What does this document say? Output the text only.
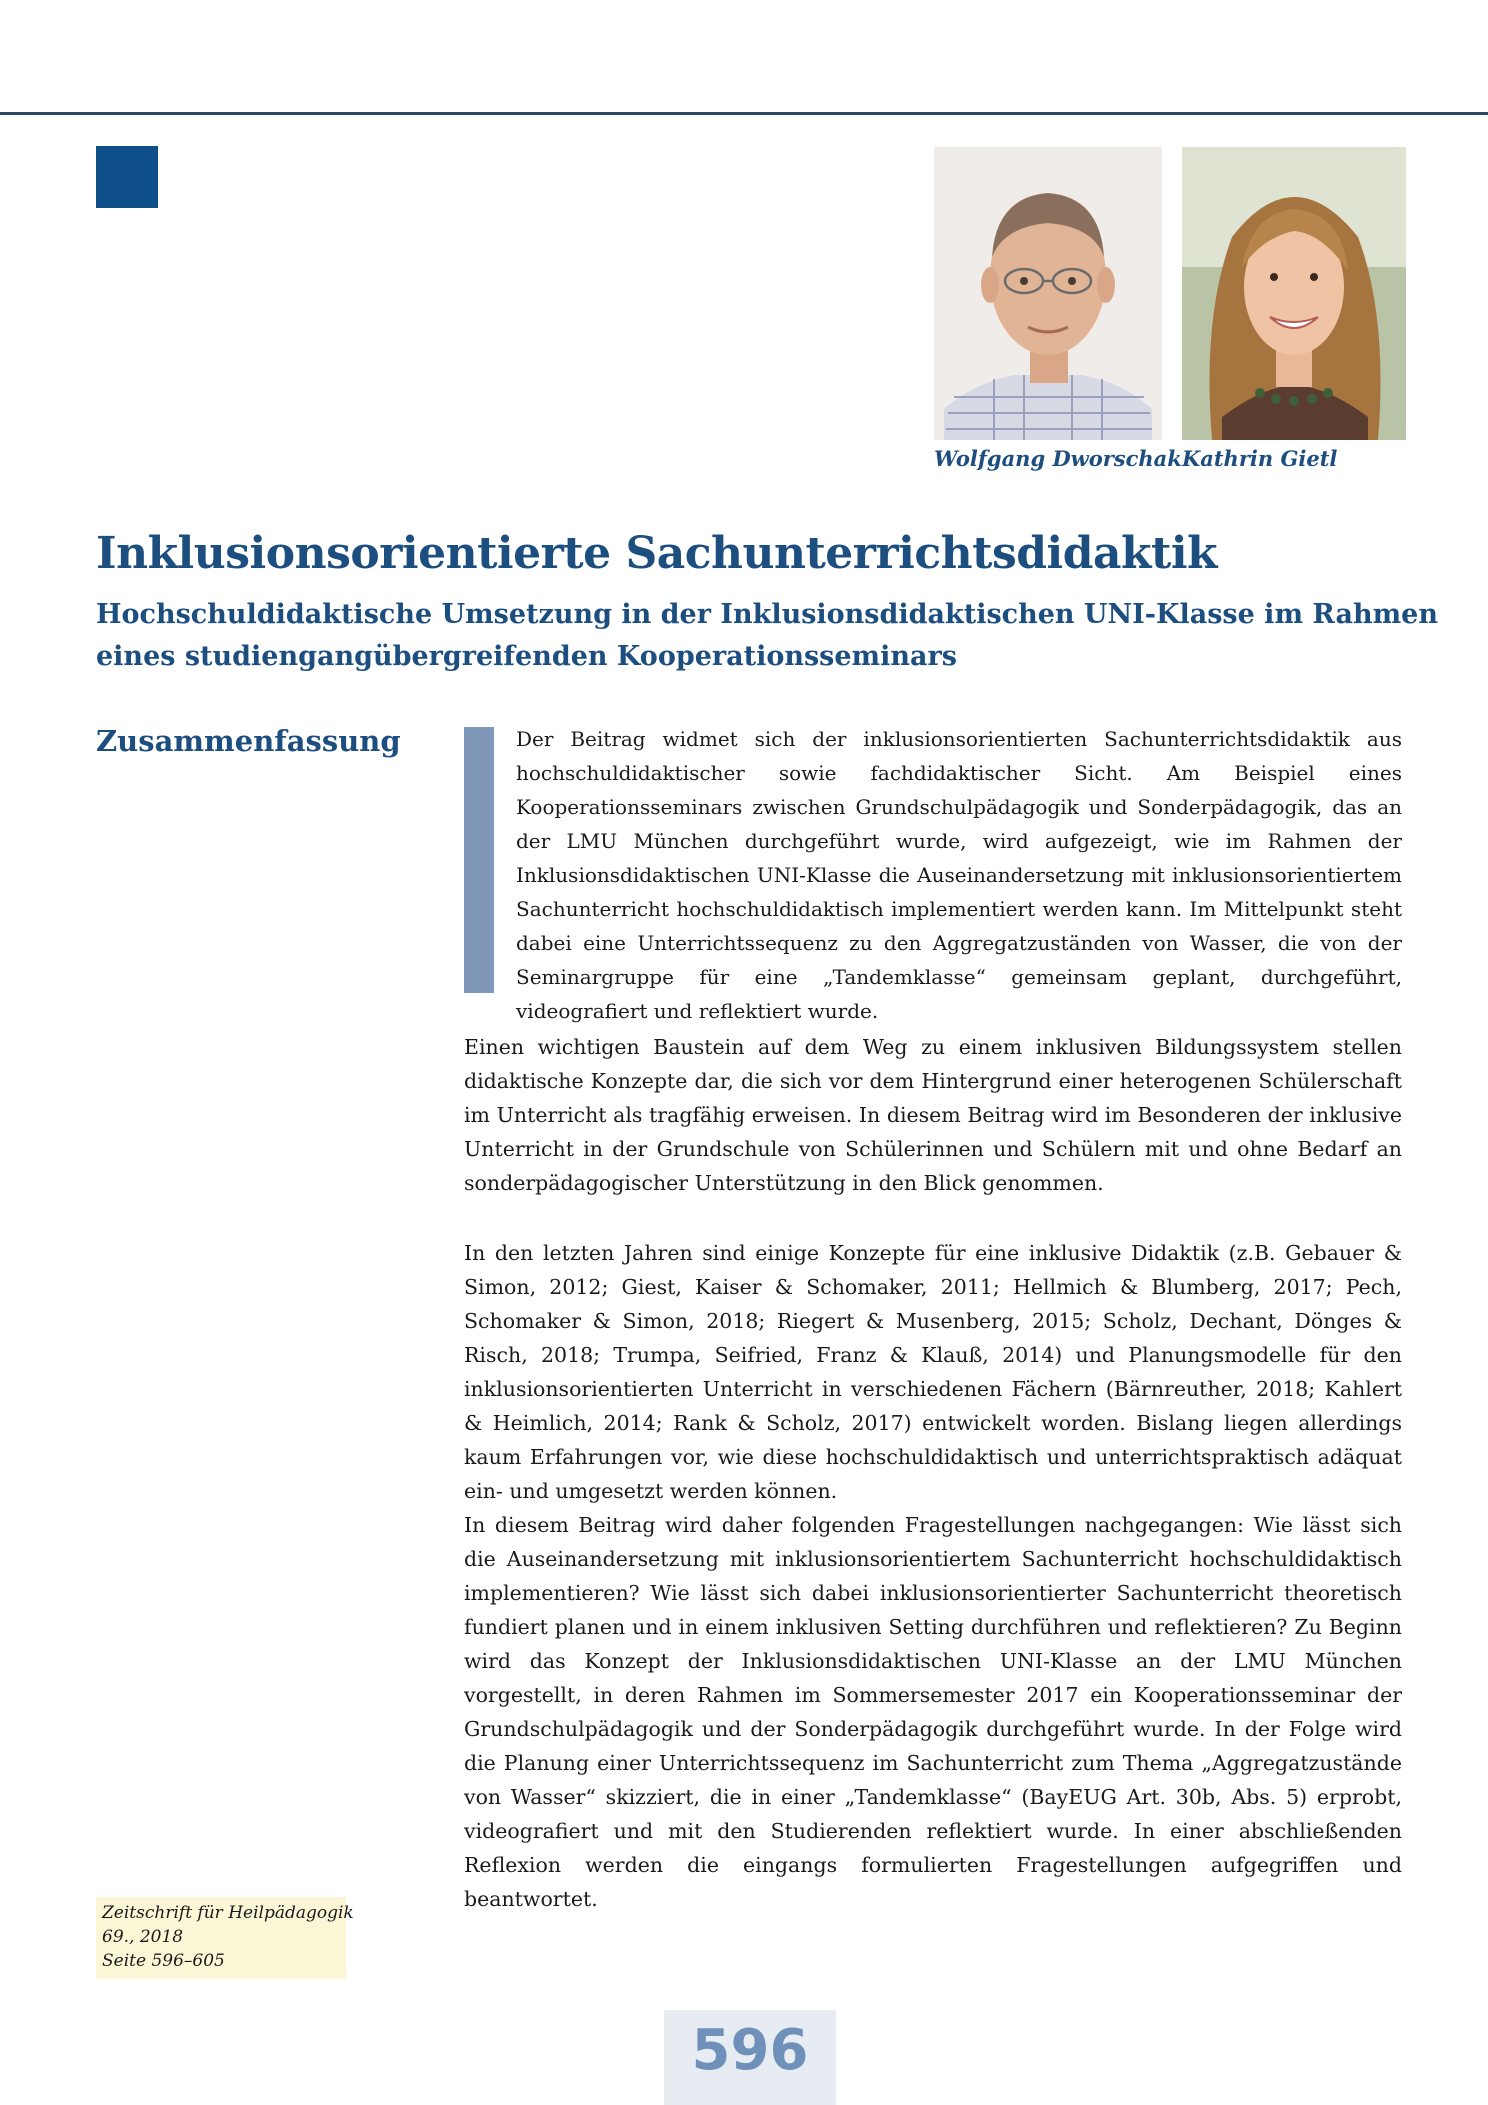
Wolfgang Dworschak Kathrin Gietl
Inklusionsorientierte Sachunterrichtsdidaktik
Hochschuldidaktische Umsetzung in der Inklusionsdidaktischen UNI-Klasse im Rahmen
eines studiengangübergreifenden Kooperationsseminars
Zusammenfassung	Der Beitrag widmet sich der inklusionsorientierten Sachunterrichtsdidaktik aus hochschuldidaktischer sowie fachdidaktischer Sicht. Am Beispiel eines Kooperationsseminars zwischen Grundschulpädagogik und Sonderpädagogik, das an der LMU München durchgeführt wurde, wird aufgezeigt, wie im Rahmen der Inklusionsdidaktischen UNI-Klasse die Auseinandersetzung mit inklusionsorientiertem Sachunterricht hochschuldidaktisch implementiert werden kann. Im Mittelpunkt steht dabei eine Unterrichtssequenz zu den Aggregatzuständen von Wasser, die von der Seminargruppe für eine „Tandemklasse“ gemeinsam geplant, durchgeführt, videografiert und reflektiert wurde.

Einen wichtigen Baustein auf dem Weg zu einem inklusiven Bildungssystem stellen didaktische Konzepte dar, die sich vor dem Hintergrund einer heterogenen Schülerschaft im Unterricht als tragfähig erweisen. In diesem Beitrag wird im Besonderen der inklusive Unterricht in der Grundschule von Schülerinnen und Schülern mit und ohne Bedarf an sonderpädagogischer Unterstützung in den Blick genommen.

In den letzten Jahren sind einige Konzepte für eine inklusive Didaktik (z.B. Gebauer & Simon, 2012; Giest, Kaiser & Schomaker, 2011; Hellmich & Blumberg, 2017; Pech, Schomaker & Simon, 2018; Riegert & Musenberg, 2015; Scholz, Dechant, Dönges & Risch, 2018; Trumpa, Seifried, Franz & Klauß, 2014) und Planungsmodelle für den inklusionsorientierten Unterricht in verschiedenen Fächern (Bärnreuther, 2018; Kahlert & Heimlich, 2014; Rank & Scholz, 2017) entwickelt worden. Bislang liegen allerdings kaum Erfahrungen vor, wie diese hochschuldidaktisch und unterrichtspraktisch adäquat ein- und umgesetzt werden können.

In diesem Beitrag wird daher folgenden Fragestellungen nachgegangen: Wie lässt sich die Auseinandersetzung mit inklusionsorientiertem Sachunterricht hochschuldidaktisch implementieren? Wie lässt sich dabei inklusionsorientierter Sachunterricht theoretisch fundiert planen und in einem inklusiven Setting durchführen und reflektieren? Zu Beginn wird das Konzept der Inklusionsdidaktischen UNI-Klasse an der LMU München vorgestellt, in deren Rahmen im Sommersemester 2017 ein Kooperationsseminar der Grundschulpädagogik und der Sonderpädagogik durchgeführt wurde. In der Folge wird die Planung einer Unterrichtssequenz im Sachunterricht zum Thema „Aggregatzustände von Wasser“ skizziert, die in einer „Tandemklasse“ (BayEUG Art. 30b, Abs. 5) erprobt, videografiert und mit den Studierenden reflektiert wurde. In einer abschließenden Reflexion werden die eingangs formulierten Fragestellungen aufgegriffen und beantwortet.

Zeitschrift für Heilpädagogik
69., 2018
Seite 596–605
596
